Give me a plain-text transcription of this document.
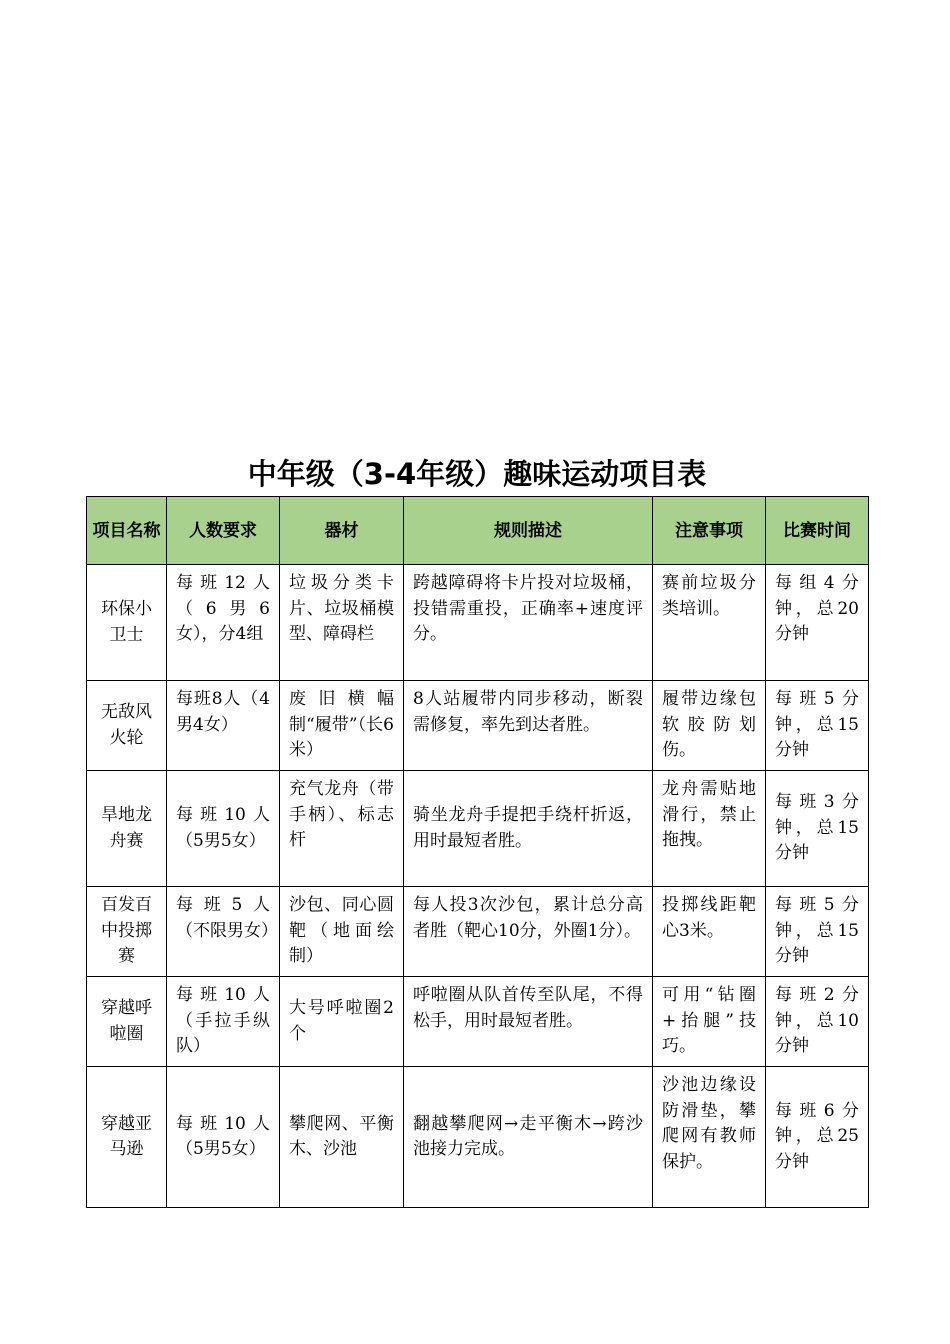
中年级（3-4年级）趣味运动项目表
项目名称	人数要求	器材	规则描述	注意事项	比赛时间
环保小卫士	每班12人（6男6女），分4组	垃圾分类卡片、垃圾桶模型、障碍栏	跨越障碍将卡片投对垃圾桶，投错需重投，正确率+速度评分。	赛前垃圾分类培训。	每组4分钟，总20分钟
无敌风火轮	每班8人（4男4女）	废旧横幅制“履带”（长6米）	8人站履带内同步移动，断裂需修复，率先到达者胜。	履带边缘包软胶防划伤。	每班5分钟，总15分钟
旱地龙舟赛	每班10人（5男5女）	充气龙舟（带手柄）、标志杆	骑坐龙舟手提把手绕杆折返，用时最短者胜。	龙舟需贴地滑行，禁止拖拽。	每班3分钟，总15分钟
百发百中投掷赛	每班5人（不限男女）	沙包、同心圆靶（地面绘制）	每人投3次沙包，累计总分高者胜（靶心10分，外圈1分）。	投掷线距靶心3米。	每班5分钟，总15分钟
穿越呼啦圈	每班10人（手拉手纵队）	大号呼啦圈2个	呼啦圈从队首传至队尾，不得松手，用时最短者胜。	可用“钻圈+抬腿”技巧。	每班2分钟，总10分钟
穿越亚马逊	每班10人（5男5女）	攀爬网、平衡木、沙池	翻越攀爬网→走平衡木→跨沙池接力完成。	沙池边缘设防滑垫，攀爬网有教师保护。	每班6分钟，总25分钟
